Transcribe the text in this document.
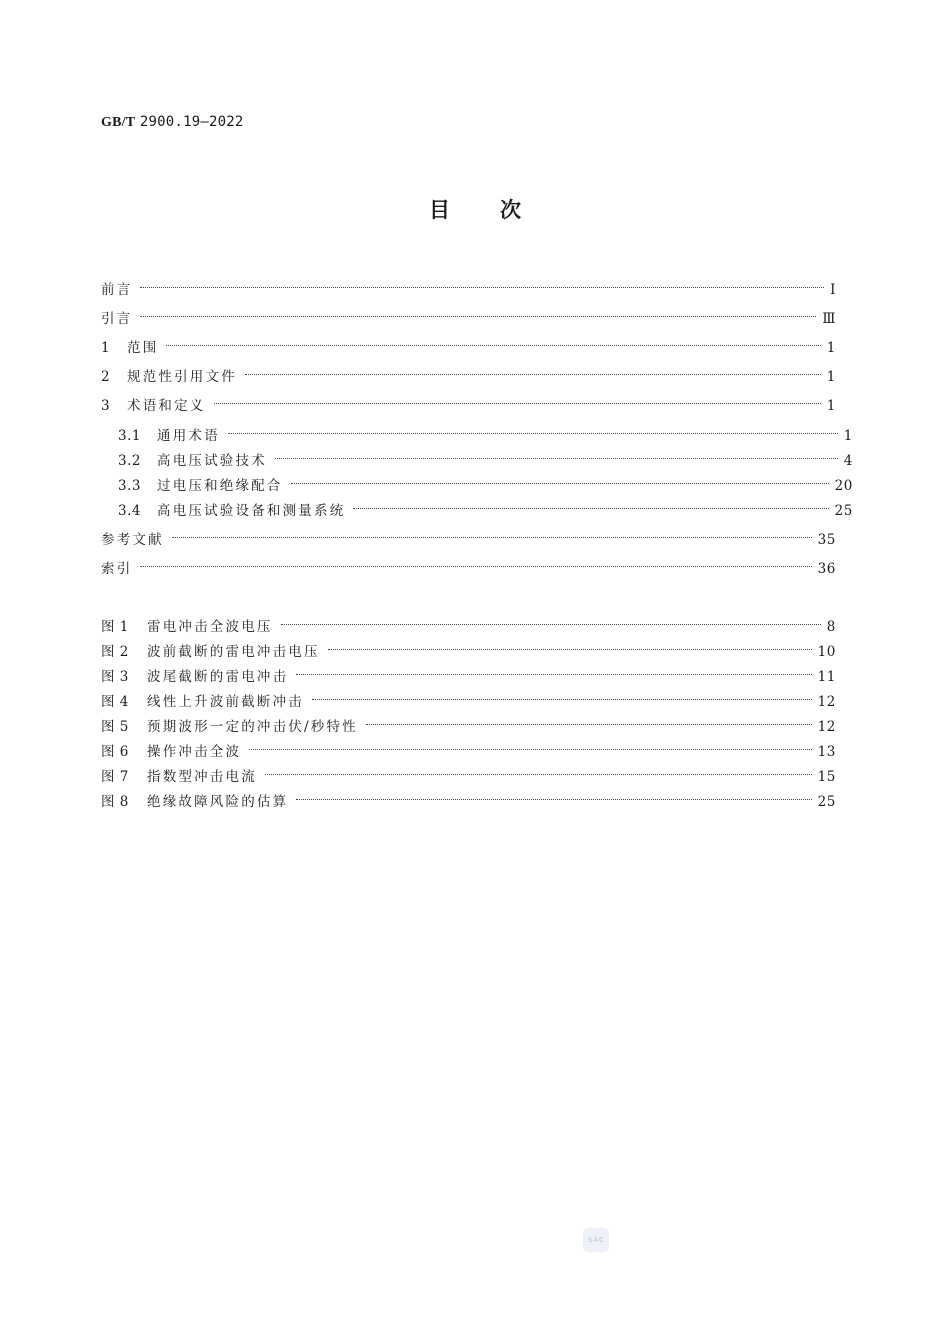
GB/T 2900.19—2022
目次
前言	Ⅰ
引言	Ⅲ
1	范围	1
2	规范性引用文件	1
3	术语和定义	1
3.1	通用术语	1
3.2	高电压试验技术	4
3.3	过电压和绝缘配合	20
3.4	高电压试验设备和测量系统	25
参考文献	35
索引	36
图 1	雷电冲击全波电压	8
图 2	波前截断的雷电冲击电压	10
图 3	波尾截断的雷电冲击	11
图 4	线性上升波前截断冲击	12
图 5	预期波形一定的冲击伏/秒特性	12
图 6	操作冲击全波	13
图 7	指数型冲击电流	15
图 8	绝缘故障风险的估算	25
SAC
